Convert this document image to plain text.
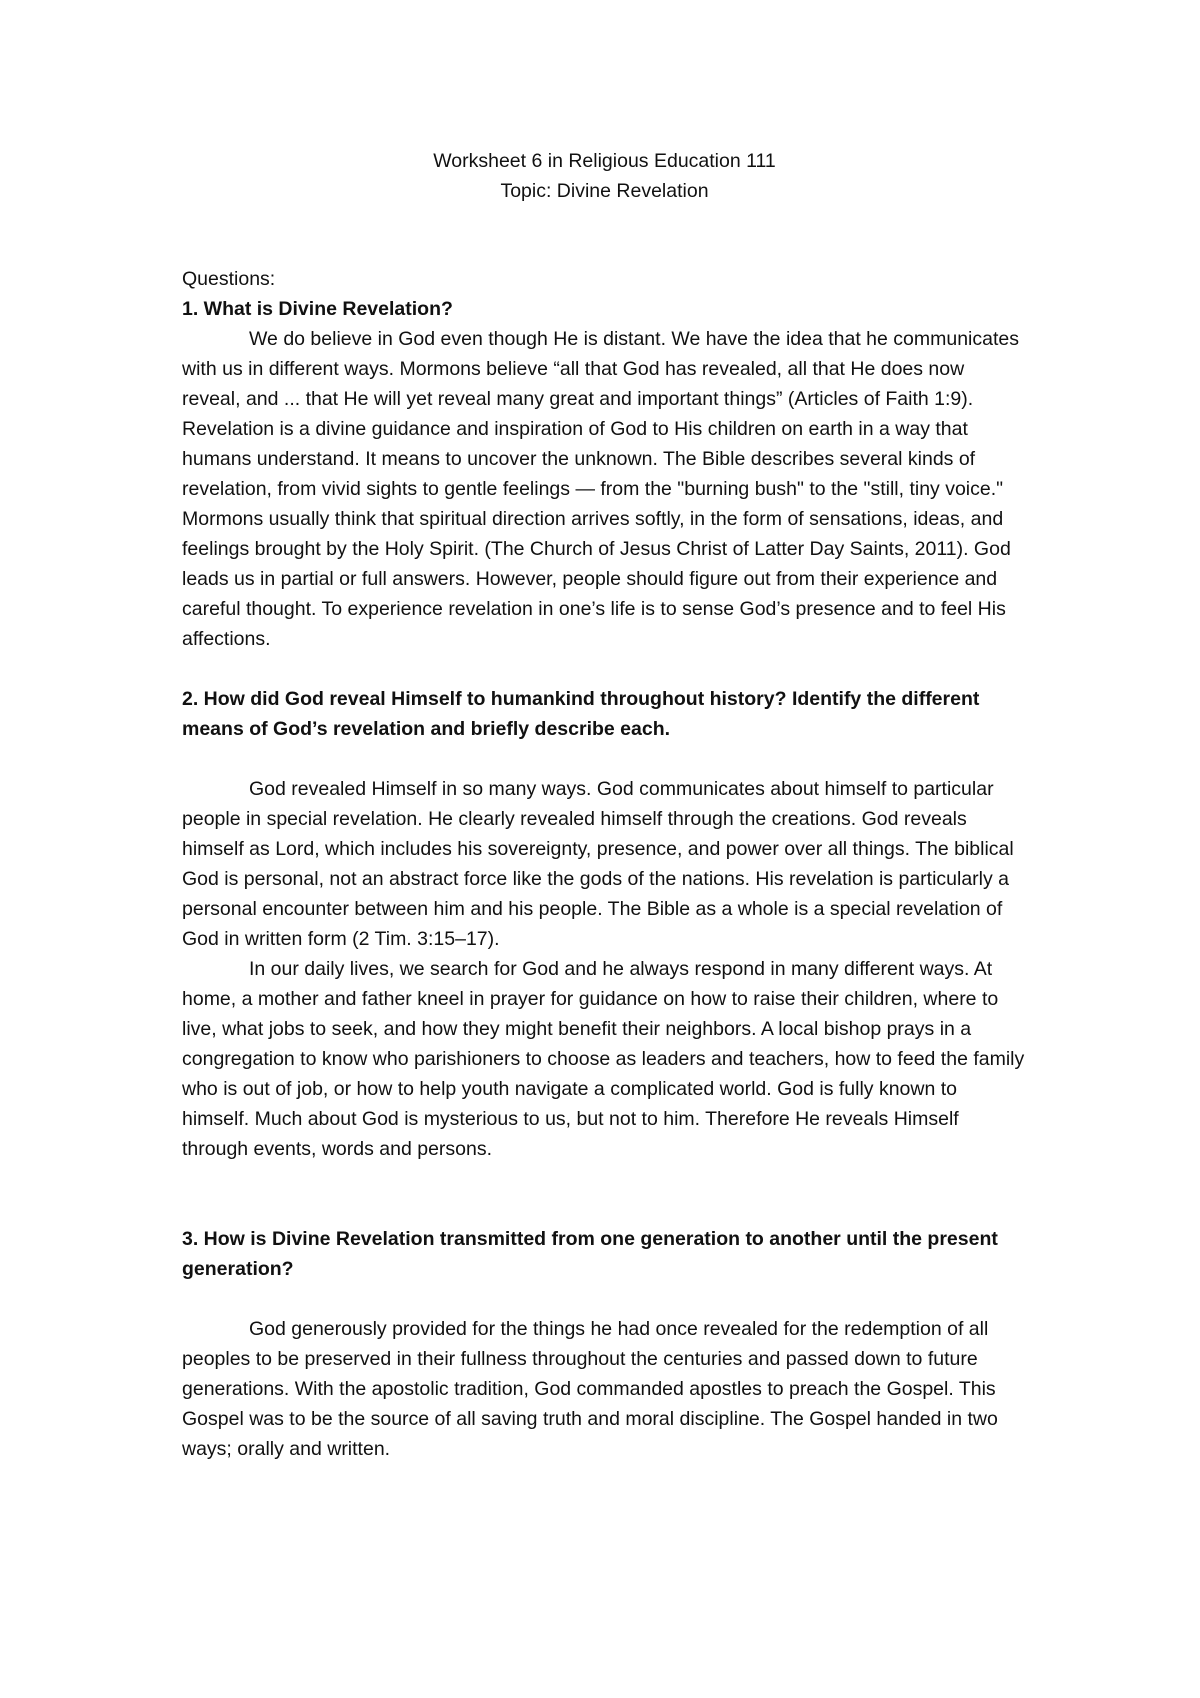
Worksheet 6 in Religious Education 111
Topic: Divine Revelation
Questions:

1. What is Divine Revelation?

We do believe in God even though He is distant. We have the idea that he communicates with us in different ways. Mormons believe “all that God has revealed, all that He does now reveal, and ... that He will yet reveal many great and important things” (Articles of Faith 1:9). Revelation is a divine guidance and inspiration of God to His children on earth in a way that humans understand. It means to uncover the unknown. The Bible describes several kinds of revelation, from vivid sights to gentle feelings — from the "burning bush" to the "still, tiny voice." Mormons usually think that spiritual direction arrives softly, in the form of sensations, ideas, and feelings brought by the Holy Spirit. (The Church of Jesus Christ of Latter Day Saints, 2011). God leads us in partial or full answers. However, people should figure out from their experience and careful thought. To experience revelation in one’s life is to sense God’s presence and to feel His affections.

2. How did God reveal Himself to humankind throughout history? Identify the different means of God’s revelation and briefly describe each.

God revealed Himself in so many ways. God communicates about himself to particular people in special revelation. He clearly revealed himself through the creations. God reveals himself as Lord, which includes his sovereignty, presence, and power over all things. The biblical God is personal, not an abstract force like the gods of the nations. His revelation is particularly a personal encounter between him and his people. The Bible as a whole is a special revelation of God in written form (2 Tim. 3:15–17).

In our daily lives, we search for God and he always respond in many different ways. At home, a mother and father kneel in prayer for guidance on how to raise their children, where to live, what jobs to seek, and how they might benefit their neighbors. A local bishop prays in a congregation to know who parishioners to choose as leaders and teachers, how to feed the family who is out of job, or how to help youth navigate a complicated world. God is fully known to himself. Much about God is mysterious to us, but not to him. Therefore He reveals Himself through events, words and persons.

3. How is Divine Revelation transmitted from one generation to another until the present generation?

God generously provided for the things he had once revealed for the redemption of all peoples to be preserved in their fullness throughout the centuries and passed down to future generations. With the apostolic tradition, God commanded apostles to preach the Gospel. This Gospel was to be the source of all saving truth and moral discipline. The Gospel handed in two ways; orally and written.
